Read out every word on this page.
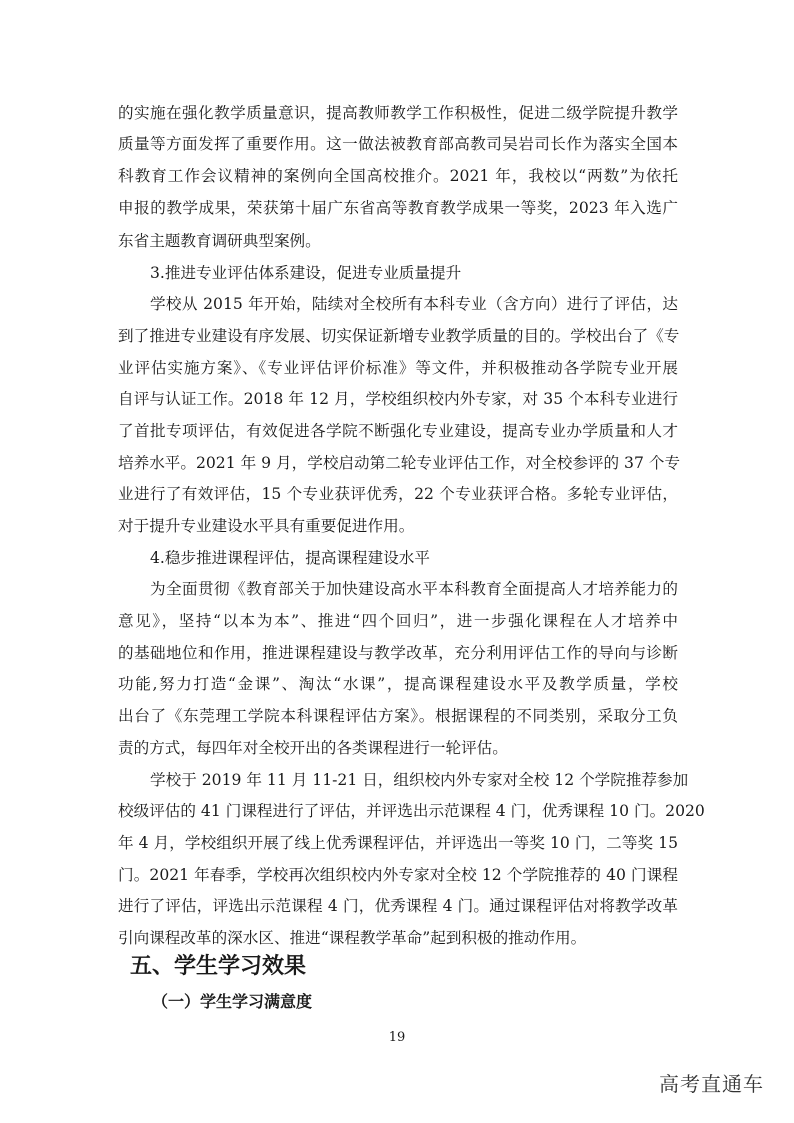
的实施在强化教学质量意识，提高教师教学工作积极性，促进二级学院提升教学
质量等方面发挥了重要作用。这一做法被教育部高教司吴岩司长作为落实全国本
科教育工作会议精神的案例向全国高校推介。2021 年，我校以“两数”为依托
申报的教学成果，荣获第十届广东省高等教育教学成果一等奖，2023 年入选广
东省主题教育调研典型案例。
3.推进专业评估体系建设，促进专业质量提升
学校从 2015 年开始，陆续对全校所有本科专业（含方向）进行了评估，达
到了推进专业建设有序发展、切实保证新增专业教学质量的目的。学校出台了《专
业评估实施方案》、《专业评估评价标准》等文件，并积极推动各学院专业开展
自评与认证工作。2018 年 12 月，学校组织校内外专家，对 35 个本科专业进行
了首批专项评估，有效促进各学院不断强化专业建设，提高专业办学质量和人才
培养水平。2021 年 9 月，学校启动第二轮专业评估工作，对全校参评的 37 个专
业进行了有效评估，15 个专业获评优秀，22 个专业获评合格。多轮专业评估，
对于提升专业建设水平具有重要促进作用。
4.稳步推进课程评估，提高课程建设水平
为全面贯彻《教育部关于加快建设高水平本科教育全面提高人才培养能力的
意见》，坚持“以本为本”、推进“四个回归”，进一步强化课程在人才培养中
的基础地位和作用，推进课程建设与教学改革，充分利用评估工作的导向与诊断
功能,努力打造“金课”、淘汰“水课”，提高课程建设水平及教学质量，学校
出台了《东莞理工学院本科课程评估方案》。根据课程的不同类别，采取分工负
责的方式，每四年对全校开出的各类课程进行一轮评估。
学校于 2019 年 11 月 11-21 日，组织校内外专家对全校 12 个学院推荐参加
校级评估的 41 门课程进行了评估，并评选出示范课程 4 门，优秀课程 10 门。2020
年 4 月，学校组织开展了线上优秀课程评估，并评选出一等奖 10 门，二等奖 15
门。2021 年春季，学校再次组织校内外专家对全校 12 个学院推荐的 40 门课程
进行了评估，评选出示范课程 4 门，优秀课程 4 门。通过课程评估对将教学改革
引向课程改革的深水区、推进“课程教学革命”起到积极的推动作用。
五、学生学习效果
（一）学生学习满意度
19
高考直通车
